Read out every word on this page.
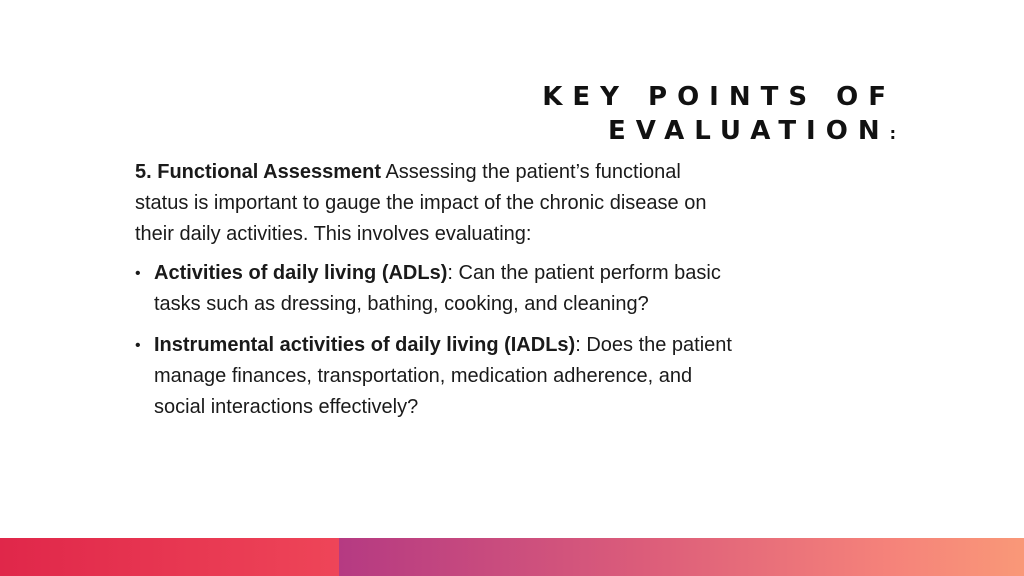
KEY POINTS OF
EVALUATION:

5. Functional Assessment Assessing the patient’s functional status is important to gauge the impact of the chronic disease on their daily activities. This involves evaluating:

• Activities of daily living (ADLs): Can the patient perform basic tasks such as dressing, bathing, cooking, and cleaning?
• Instrumental activities of daily living (IADLs): Does the patient manage finances, transportation, medication adherence, and social interactions effectively?
